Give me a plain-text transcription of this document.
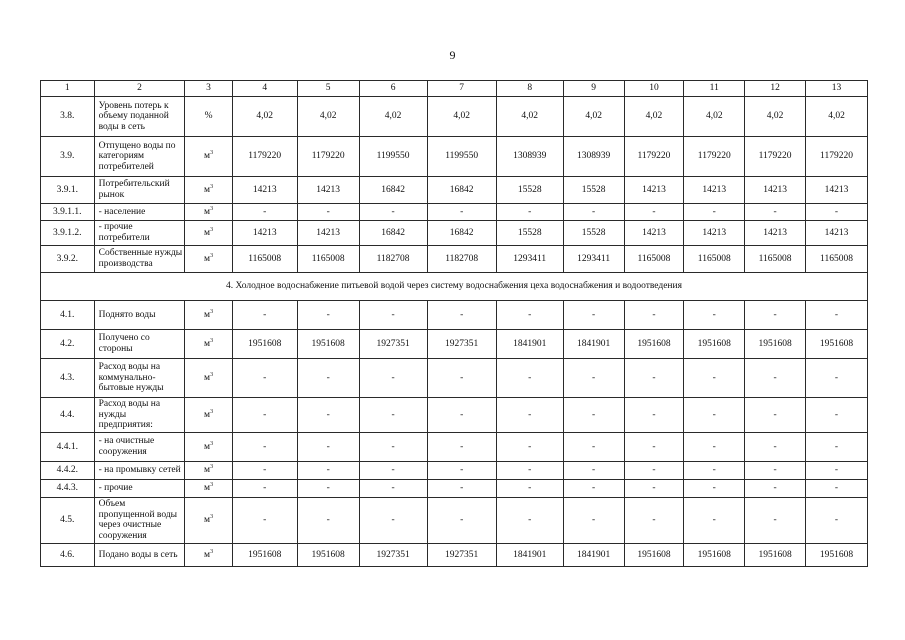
9
1	2	3	4	5	6	7	8	9	10	11	12	13
3.8.	Уровень потерь к объему поданной воды в сеть	%	4,02	4,02	4,02	4,02	4,02	4,02	4,02	4,02	4,02	4,02
3.9.	Отпущено воды по категориям потребителей	$м^3$	1179220	1179220	1199550	1199550	1308939	1308939	1179220	1179220	1179220	1179220
3.9.1.	Потребительский рынок	$м^3$	14213	14213	16842	16842	15528	15528	14213	14213	14213	14213
3.9.1.1.	- население	$м^3$	-	-	-	-	-	-	-	-	-	-
3.9.1.2.	- прочие потребители	$м^3$	14213	14213	16842	16842	15528	15528	14213	14213	14213	14213
3.9.2.	Собственные нужды производства	$м^3$	1165008	1165008	1182708	1182708	1293411	1293411	1165008	1165008	1165008	1165008
4. Холодное водоснабжение питьевой водой через систему водоснабжения цеха водоснабжения и водоотведения												
4.1.	Поднято воды	$м^3$	-	-	-	-	-	-	-	-	-	-
4.2.	Получено со стороны	$м^3$	1951608	1951608	1927351	1927351	1841901	1841901	1951608	1951608	1951608	1951608
4.3.	Расход воды на коммунально-бытовые нужды	$м^3$	-	-	-	-	-	-	-	-	-	-
4.4.	Расход воды на нужды предприятия:	$м^3$	-	-	-	-	-	-	-	-	-	-
4.4.1.	- на очистные сооружения	$м^3$	-	-	-	-	-	-	-	-	-	-
4.4.2.	- на промывку сетей	$м^3$	-	-	-	-	-	-	-	-	-	-
4.4.3.	- прочие	$м^3$	-	-	-	-	-	-	-	-	-	-
4.5.	Объем пропущенной воды через очистные сооружения	$м^3$	-	-	-	-	-	-	-	-	-	-
4.6.	Подано воды в сеть	$м^3$	1951608	1951608	1927351	1927351	1841901	1841901	1951608	1951608	1951608	1951608
